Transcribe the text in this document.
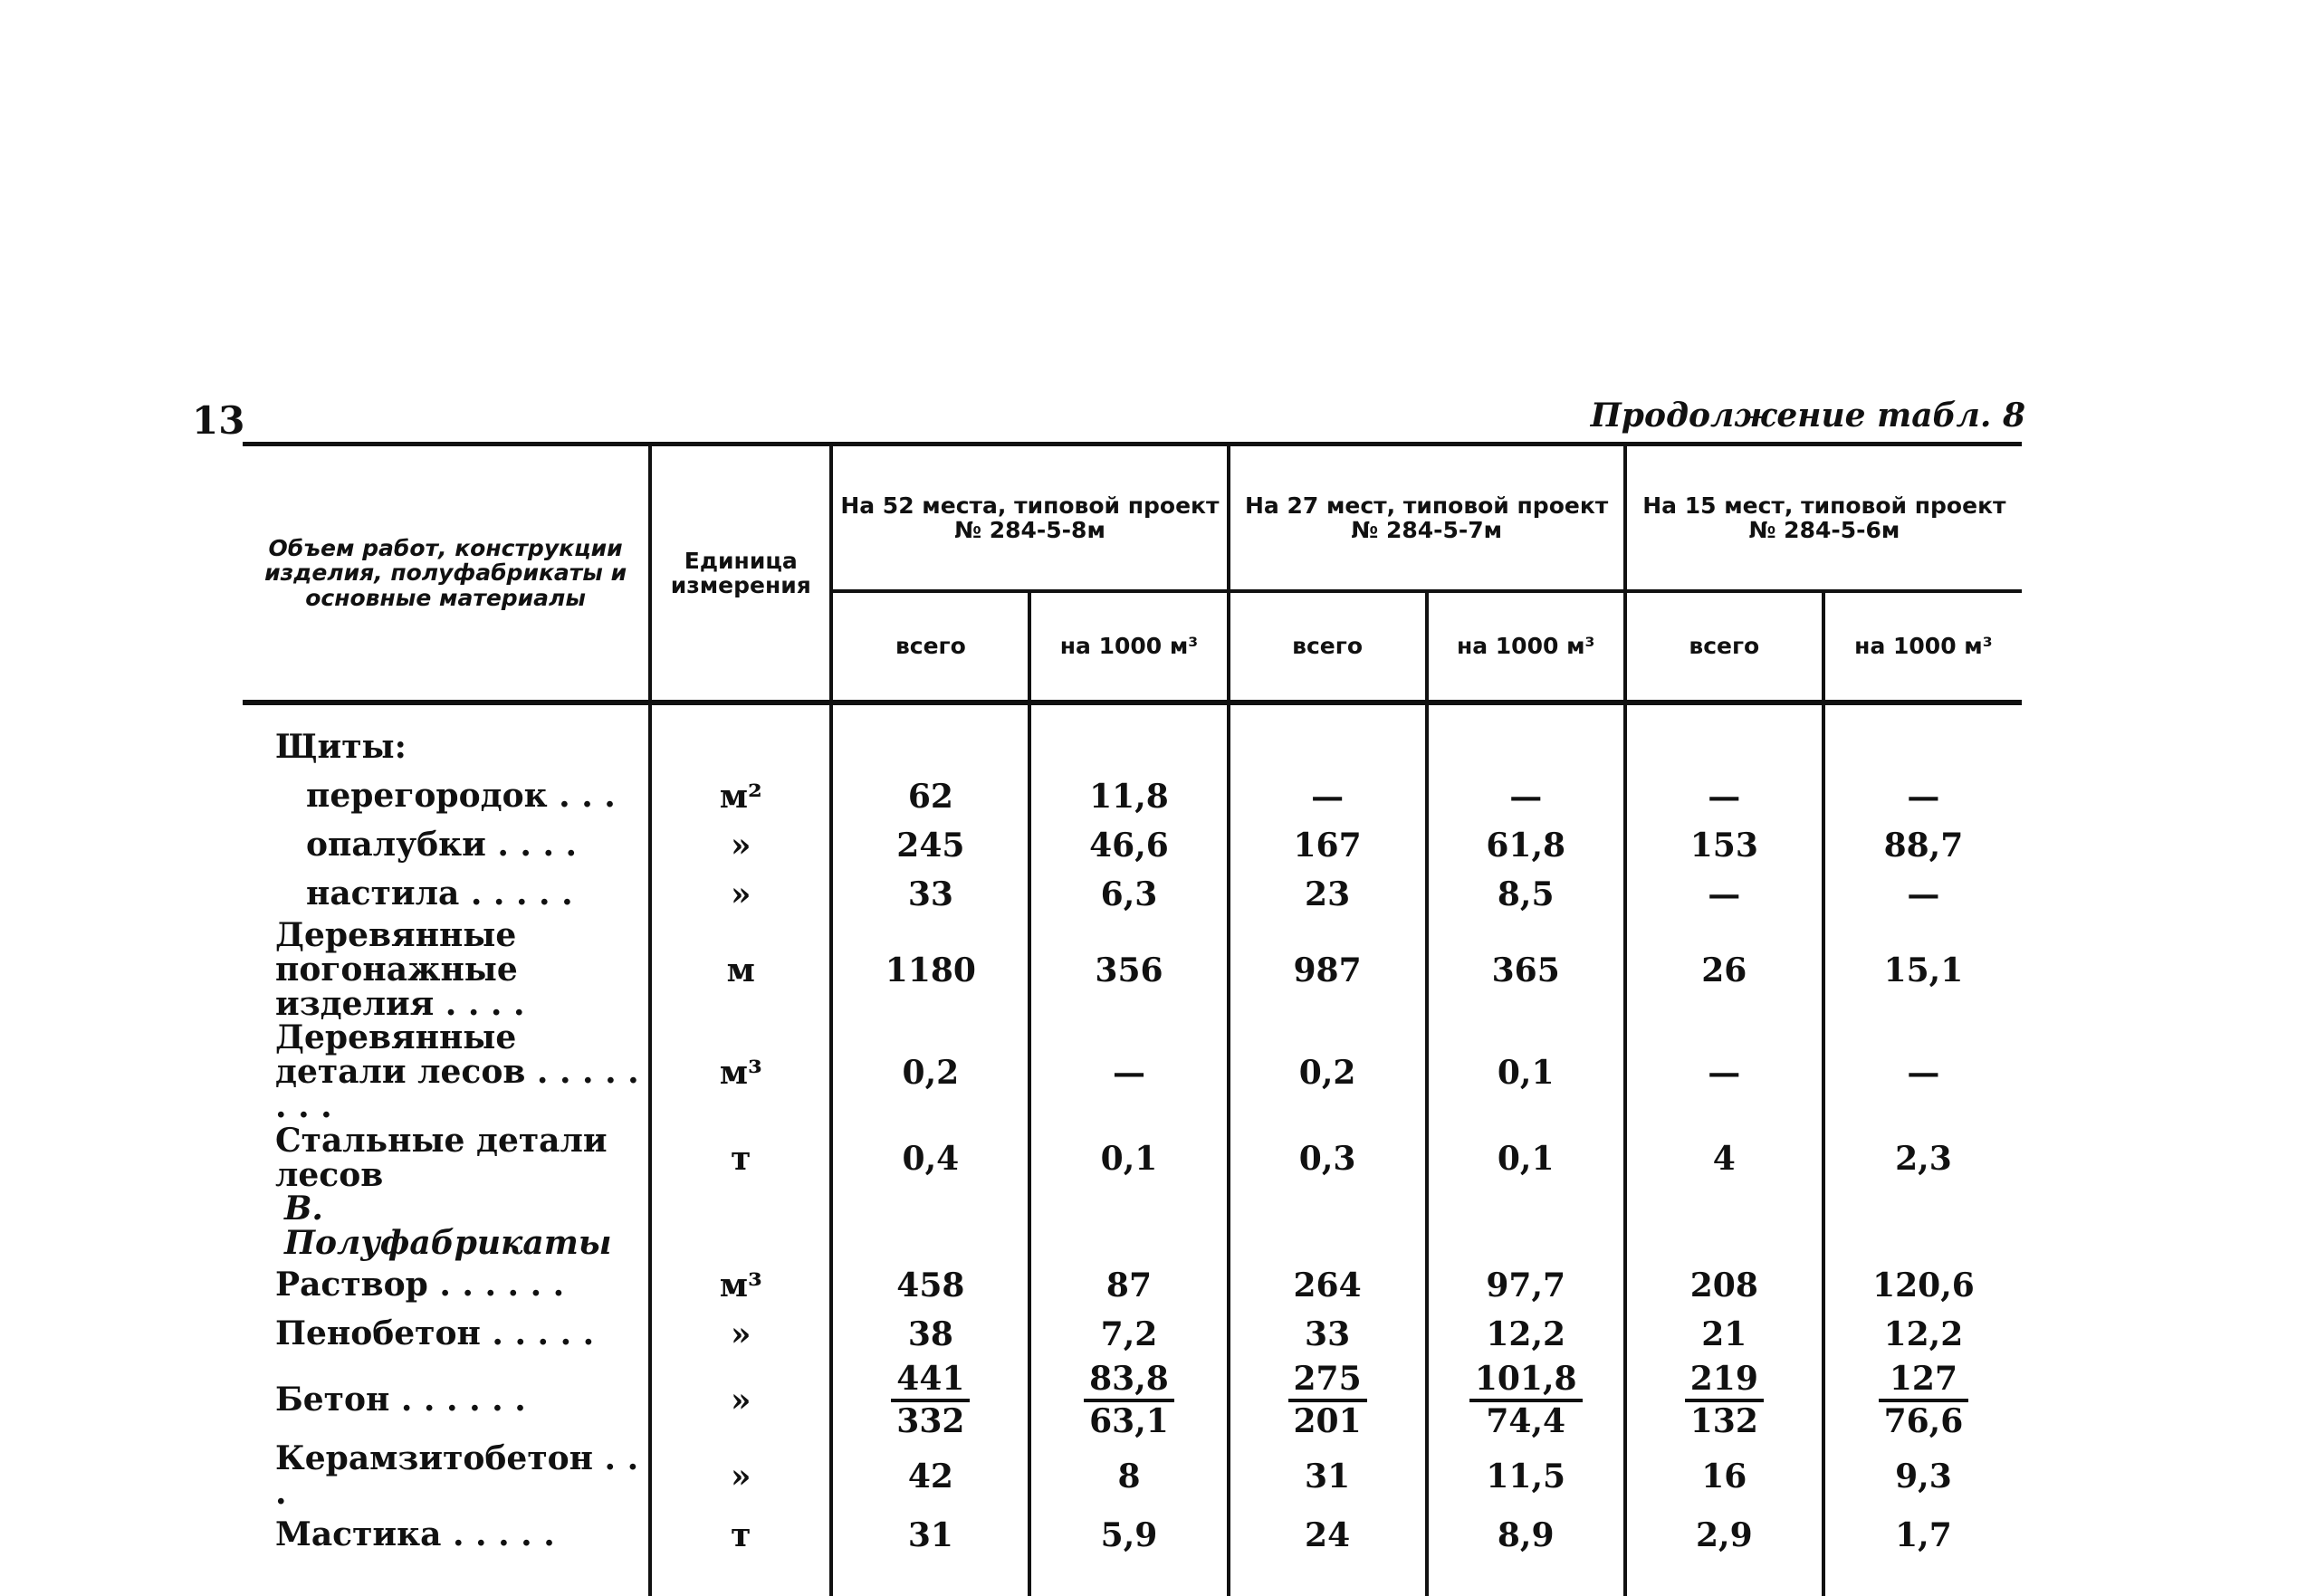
13	Продолжение табл. 8
Объем работ, конструкции изделия, полуфабрикаты и основные материалы	Единица измерения	На 52 места, типовой проект № 284-5-8м		На 27 мест, типовой проект № 284-5-7м		На 15 мест, типовой проект № 284-5-6м	
		всего	на 1000 м³	всего	на 1000 м³	всего	на 1000 м³

Щиты:							
перегородок . . .	м²	62	11,8	—	—	—	—
опалубки . . . .	»	245	46,6	167	61,8	153	88,7
настила . . . . .	»	33	6,3	23	8,5	—	—
Деревянные погонажные изделия . . . .	м	1180	356	987	365	26	15,1
Деревянные детали лесов . . . . . . . .	м³	0,2	—	0,2	0,1	—	—
Стальные детали лесов	т	0,4	0,1	0,3	0,1	4	2,3
В. Полуфабрикаты							
Раствор . . . . . .	м³	458	87	264	97,7	208	120,6
Пенобетон . . . . .	»	38	7,2	33	12,2	21	12,2
Бетон . . . . . .	»	$\frac{441}{332}$	$\frac{83,8}{63,1}$	$\frac{275}{201}$	$\frac{101,8}{74,4}$	$\frac{219}{132}$	$\frac{127}{76,6}$

Керамзитобетон . . .	»	42	8	31	11,5	16	9,3
Мастика . . . . .	т	31	5,9	24	8,9	2,9	1,7
